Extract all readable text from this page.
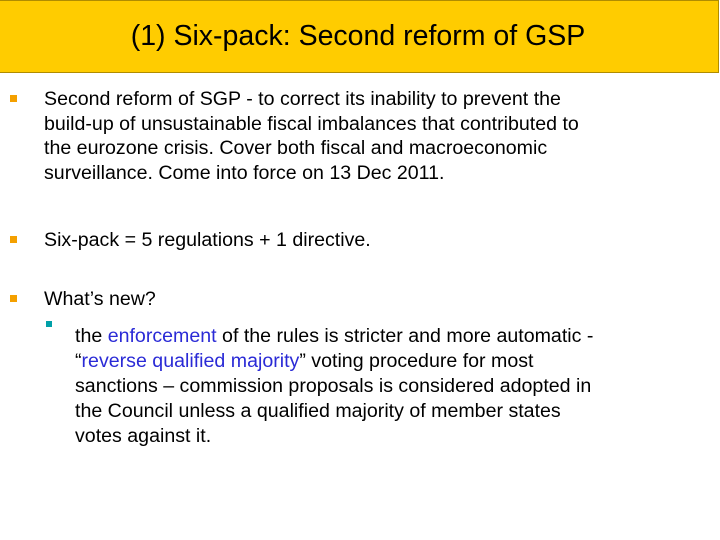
(1) Six-pack: Second reform of GSP
Second reform of SGP - to correct its inability to prevent the
build-up of unsustainable fiscal imbalances that contributed to
the eurozone crisis. Cover both fiscal and macroeconomic
surveillance. Come into force on 13 Dec 2011.
Six-pack = 5 regulations + 1 directive.
What’s new?
the enforcement of the rules is stricter and more automatic -
“reverse qualified majority” voting procedure for most
sanctions – commission proposals is considered adopted in
the Council unless a qualified majority of member states
votes against it.
